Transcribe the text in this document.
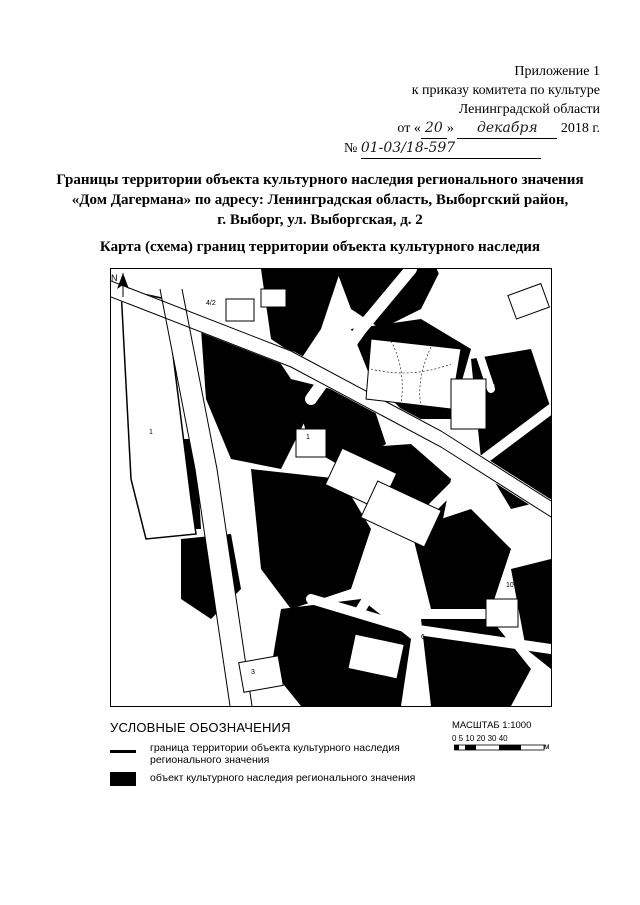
Приложение 1
к приказу комитета по культуре
Ленинградской области
от « 20 » декабря 2018 г.
№ 01-03/18-597
Границы территории объекта культурного наследия регионального значения
«Дом Дагермана» по адресу: Ленинградская область, Выборгский район,
г. Выборг, ул. Выборгская, д. 2
Карта (схема) границ территории объекта культурного наследия
N
4/2
6	5
1
1
8
8
6
10
3
УСЛОВНЫЕ ОБОЗНАЧЕНИЯ
граница территории объекта культурного наследия регионального значения
объект культурного наследия регионального значения
МАСШТАБ 1:1000
0 5 10 20 30 40
м
